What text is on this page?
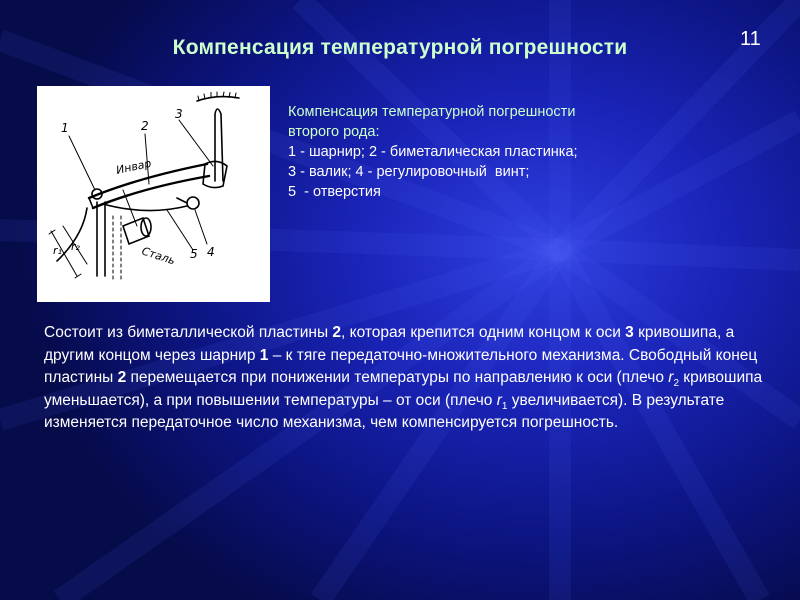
Компенсация температурной погрешности	11
1	2
3
4
5
Инвар
Сталь
r₁ r₂
Компенсация температурной погрешности
второго рода:
1 - шарнир; 2 - биметалическая пластинка;
3 - валик; 4 - регулировочный  винт;
5  - отверстия
Состоит из биметаллической пластины 2, которая крепится одним концом к оси 3 кривошипа, а другим концом через шарнир 1 – к тяге передаточно-множительного механизма. Свободный конец пластины 2 перемещается при понижении температуры по направлению к оси (плечо $r_2$ кривошипа уменьшается), а при повышении температуры – от оси (плечо $r_1$ увеличивается). В результате изменяется передаточное число механизма, чем компенсируется погрешность.
